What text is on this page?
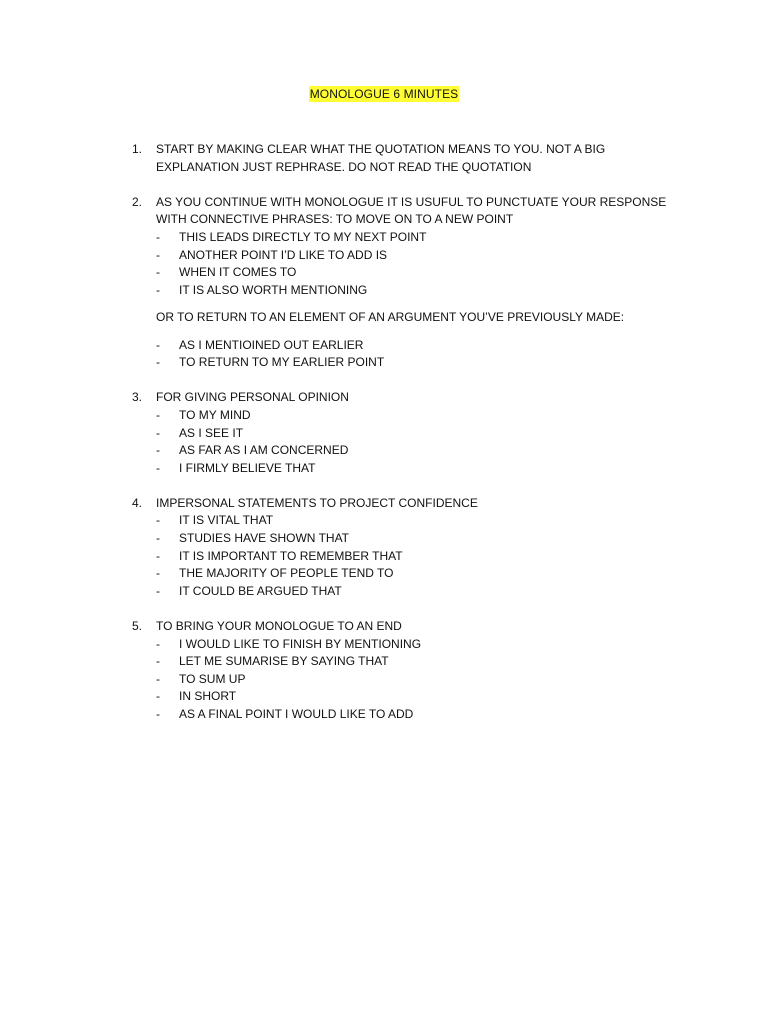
MONOLOGUE 6 MINUTES
1. START BY MAKING CLEAR WHAT THE QUOTATION MEANS TO YOU. NOT A BIG
EXPLANATION JUST REPHRASE. DO NOT READ THE QUOTATION
2. AS YOU CONTINUE WITH MONOLOGUE IT IS USUFUL TO PUNCTUATE YOUR RESPONSE
WITH CONNECTIVE PHRASES: TO MOVE ON TO A NEW POINT
- THIS LEADS DIRECTLY TO MY NEXT POINT
- ANOTHER POINT I’D LIKE TO ADD IS
- WHEN IT COMES TO
- IT IS ALSO WORTH MENTIONING
OR TO RETURN TO AN ELEMENT OF AN ARGUMENT YOU’VE PREVIOUSLY MADE:
- AS I MENTIOINED OUT EARLIER
- TO RETURN TO MY EARLIER POINT
3. FOR GIVING PERSONAL OPINION
- TO MY MIND
- AS I SEE IT
- AS FAR AS I AM CONCERNED
- I FIRMLY BELIEVE THAT
4. IMPERSONAL STATEMENTS TO PROJECT CONFIDENCE
- IT IS VITAL THAT
- STUDIES HAVE SHOWN THAT
- IT IS IMPORTANT TO REMEMBER THAT
- THE MAJORITY OF PEOPLE TEND TO
- IT COULD BE ARGUED THAT
5. TO BRING YOUR MONOLOGUE TO AN END
- I WOULD LIKE TO FINISH BY MENTIONING
- LET ME SUMARISE BY SAYING THAT
- TO SUM UP
- IN SHORT
- AS A FINAL POINT I WOULD LIKE TO ADD
